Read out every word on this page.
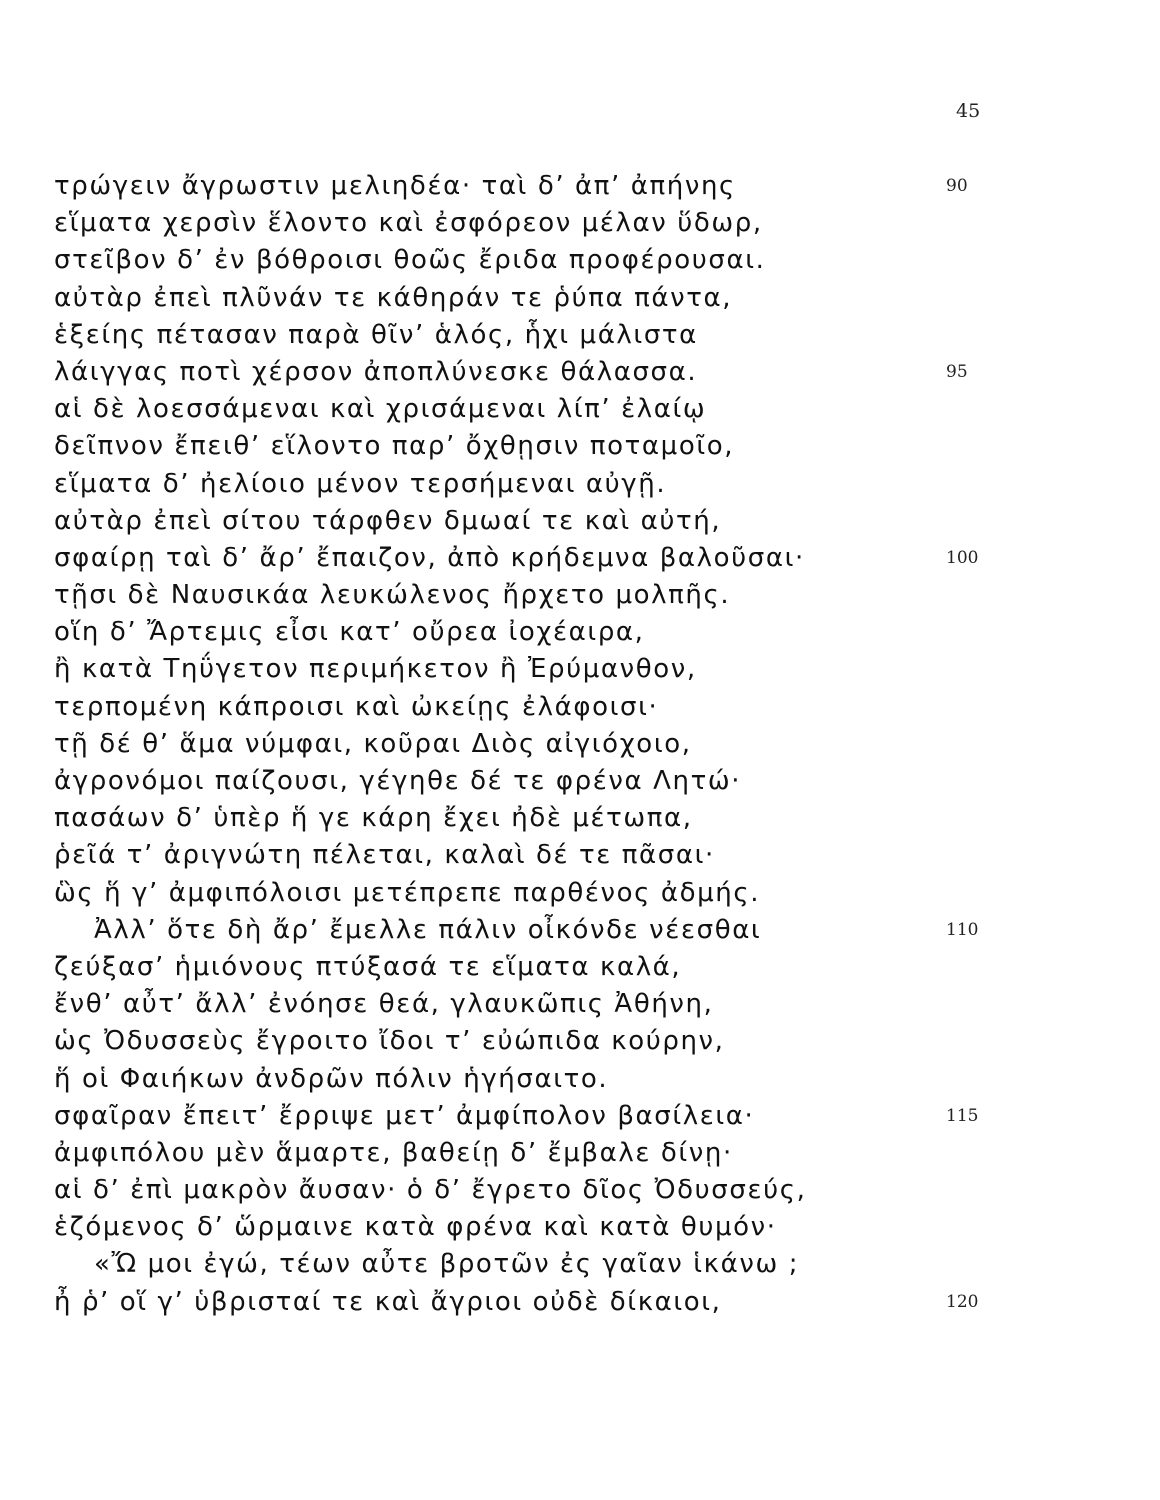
45
τρώγειν ἄγρωστιν μελιηδέα· ταὶ δ’ ἀπ’ ἀπήνης	90
εἵματα χερσὶν ἕλοντο καὶ ἐσφόρεον μέλαν ὕδωρ,
στεῖβον δ’ ἐν βόθροισι θοῶς ἔριδα προφέρουσαι.
αὐτὰρ ἐπεὶ πλῦνάν τε κάθηράν τε ῥύπα πάντα,
ἑξείης πέτασαν παρὰ θῖν’ ἁλός, ἧχι μάλιστα
λάιγγας ποτὶ χέρσον ἀποπλύνεσκε θάλασσα.	95
αἱ δὲ λοεσσάμεναι καὶ χρισάμεναι λίπ’ ἐλαίῳ
δεῖπνον ἔπειθ’ εἵλοντο παρ’ ὄχθῃσιν ποταμοῖο,
εἵματα δ’ ἠελίοιο μένον τερσήμεναι αὐγῇ.
αὐτὰρ ἐπεὶ σίτου τάρφθεν δμωαί τε καὶ αὐτή,
σφαίρῃ ταὶ δ’ ἄρ’ ἔπαιζον, ἀπὸ κρήδεμνα βαλοῦσαι·	100
τῇσι δὲ Ναυσικάα λευκώλενος ἤρχετο μολπῆς.
οἵη δ’ Ἄρτεμις εἶσι κατ’ οὔρεα ἰοχέαιρα,
ἢ κατὰ Τηΰγετον περιμήκετον ἢ Ἐρύμανθον,
τερπομένη κάπροισι καὶ ὠκείῃς ἐλάφοισι·
τῇ δέ θ’ ἅμα νύμφαι, κοῦραι Διὸς αἰγιόχοιο,
ἀγρονόμοι παίζουσι, γέγηθε δέ τε φρένα Λητώ·
πασάων δ’ ὑπὲρ ἥ γε κάρη ἔχει ἠδὲ μέτωπα,
ῥεῖά τ’ ἀριγνώτη πέλεται, καλαὶ δέ τε πᾶσαι·
ὣς ἥ γ’ ἀμφιπόλοισι μετέπρεπε παρθένος ἀδμής.
Ἀλλ’ ὅτε δὴ ἄρ’ ἔμελλε πάλιν οἶκόνδε νέεσθαι	110
ζεύξασ’ ἡμιόνους πτύξασά τε εἵματα καλά,
ἔνθ’ αὖτ’ ἄλλ’ ἐνόησε θεά, γλαυκῶπις Ἀθήνη,
ὡς Ὀδυσσεὺς ἔγροιτο ἴδοι τ’ εὐώπιδα κούρην,
ἥ οἱ Φαιήκων ἀνδρῶν πόλιν ἡγήσαιτο.
σφαῖραν ἔπειτ’ ἔρριψε μετ’ ἀμφίπολον βασίλεια·	115
ἀμφιπόλου μὲν ἅμαρτε, βαθείῃ δ’ ἔμβαλε δίνῃ·
αἱ δ’ ἐπὶ μακρὸν ἄυσαν· ὁ δ’ ἔγρετο δῖος Ὀδυσσεύς,
ἑζόμενος δ’ ὥρμαινε κατὰ φρένα καὶ κατὰ θυμόν·
«Ὤ μοι ἐγώ, τέων αὖτε βροτῶν ἐς γαῖαν ἱκάνω ;
ἦ ῥ’ οἵ γ’ ὑβρισταί τε καὶ ἄγριοι οὐδὲ δίκαιοι,	120
